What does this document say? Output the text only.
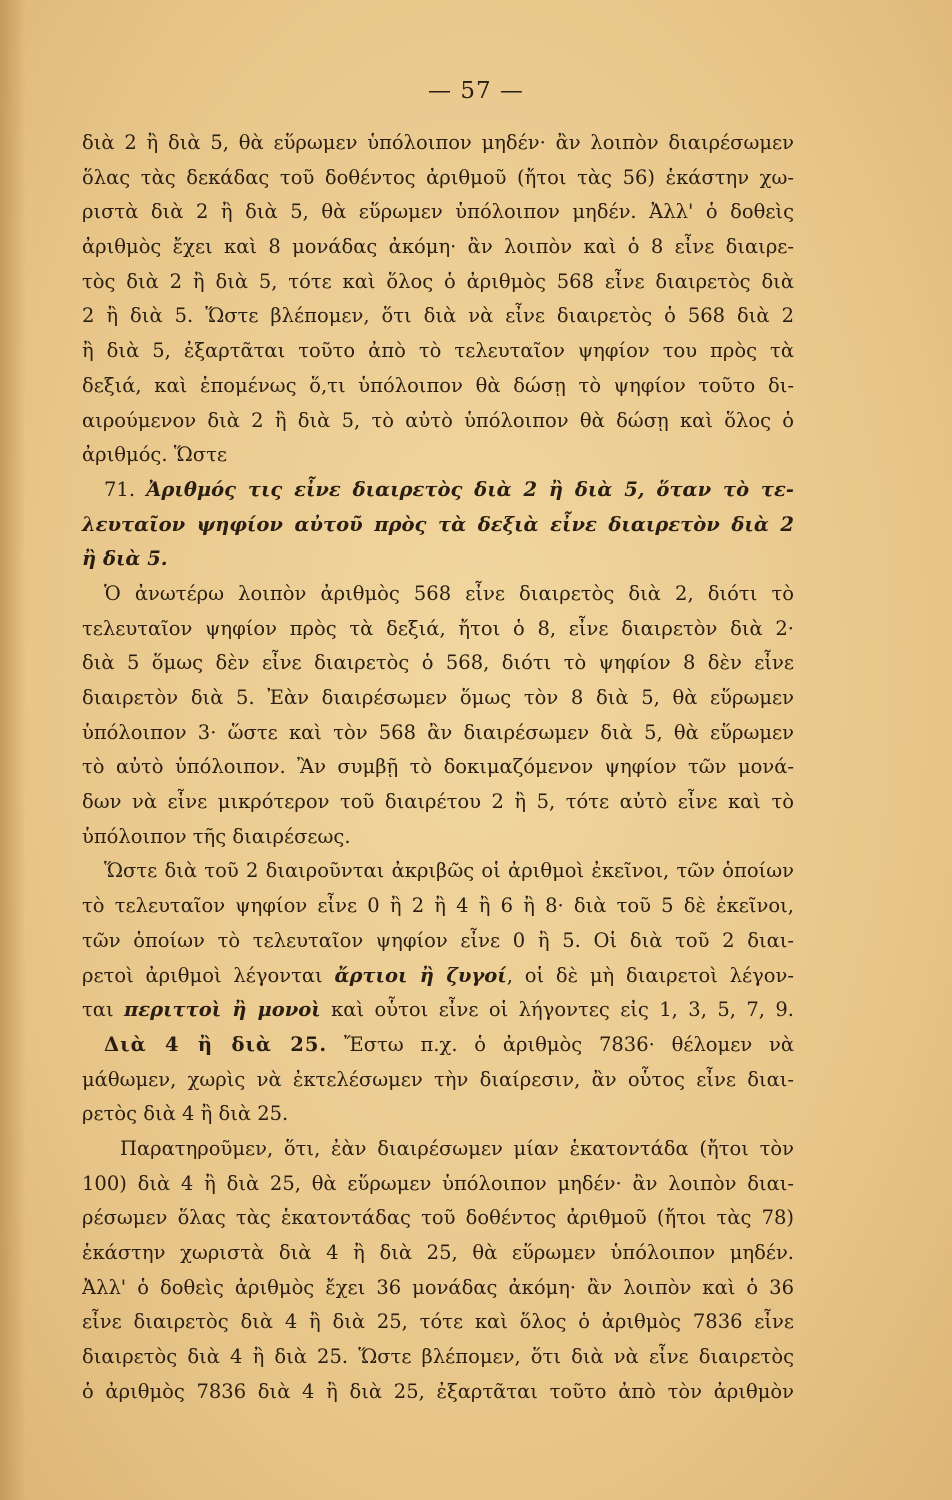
— 57 —
διὰ 2 ἢ διὰ 5, θὰ εὕρωμεν ὑπόλοιπον μηδέν· ἂν λοιπὸν διαιρέσωμεν
ὅλας τὰς δεκάδας τοῦ δοθέντος ἀριθμοῦ (ἤτοι τὰς 56) ἑκάστην χω-
ριστὰ διὰ 2 ἢ διὰ 5, θὰ εὕρωμεν ὑπόλοιπον μηδέν. Ἀλλ' ὁ δοθεὶς
ἀριθμὸς ἔχει καὶ 8 μονάδας ἀκόμη· ἂν λοιπὸν καὶ ὁ 8 εἶνε διαιρε-
τὸς διὰ 2 ἢ διὰ 5, τότε καὶ ὅλος ὁ ἀριθμὸς 568 εἶνε διαιρετὸς διὰ
2 ἢ διὰ 5. Ὥστε βλέπομεν, ὅτι διὰ νὰ εἶνε διαιρετὸς ὁ 568 διὰ 2
ἢ διὰ 5, ἐξαρτᾶται τοῦτο ἀπὸ τὸ τελευταῖον ψηφίον του πρὸς τὰ
δεξιά, καὶ ἑπομένως ὅ,τι ὑπόλοιπον θὰ δώσῃ τὸ ψηφίον τοῦτο δι-
αιρούμενον διὰ 2 ἢ διὰ 5, τὸ αὐτὸ ὑπόλοιπον θὰ δώσῃ καὶ ὅλος ὁ
ἀριθμός. Ὥστε
71. Ἀριθμός τις εἶνε διαιρετὸς διὰ 2 ἢ διὰ 5, ὅταν τὸ τε-
λευταῖον ψηφίον αὐτοῦ πρὸς τὰ δεξιὰ εἶνε διαιρετὸν διὰ 2
ἢ διὰ 5.
Ὁ ἀνωτέρω λοιπὸν ἀριθμὸς 568 εἶνε διαιρετὸς διὰ 2, διότι τὸ
τελευταῖον ψηφίον πρὸς τὰ δεξιά, ἤτοι ὁ 8, εἶνε διαιρετὸν διὰ 2·
διὰ 5 ὅμως δὲν εἶνε διαιρετὸς ὁ 568, διότι τὸ ψηφίον 8 δὲν εἶνε
διαιρετὸν διὰ 5. Ἐὰν διαιρέσωμεν ὅμως τὸν 8 διὰ 5, θὰ εὕρωμεν
ὑπόλοιπον 3· ὥστε καὶ τὸν 568 ἂν διαιρέσωμεν διὰ 5, θὰ εὕρωμεν
τὸ αὐτὸ ὑπόλοιπον. Ἂν συμβῇ τὸ δοκιμαζόμενον ψηφίον τῶν μονά-
δων νὰ εἶνε μικρότερον τοῦ διαιρέτου 2 ἢ 5, τότε αὐτὸ εἶνε καὶ τὸ
ὑπόλοιπον τῆς διαιρέσεως.
Ὥστε διὰ τοῦ 2 διαιροῦνται ἀκριβῶς οἱ ἀριθμοὶ ἐκεῖνοι, τῶν ὁποίων
τὸ τελευταῖον ψηφίον εἶνε 0 ἢ 2 ἢ 4 ἢ 6 ἢ 8· διὰ τοῦ 5 δὲ ἐκεῖνοι,
τῶν ὁποίων τὸ τελευταῖον ψηφίον εἶνε 0 ἢ 5. Οἱ διὰ τοῦ 2 διαι-
ρετοὶ ἀριθμοὶ λέγονται ἄρτιοι ἢ ζυγοί, οἱ δὲ μὴ διαιρετοὶ λέγον-
ται περιττοὶ ἢ μονοὶ καὶ οὗτοι εἶνε οἱ λήγοντες εἰς 1, 3, 5, 7, 9.
Διὰ 4 ἢ διὰ 25. Ἔστω π.χ. ὁ ἀριθμὸς 7836· θέλομεν νὰ
μάθωμεν, χωρὶς νὰ ἐκτελέσωμεν τὴν διαίρεσιν, ἂν οὗτος εἶνε διαι-
ρετὸς διὰ 4 ἢ διὰ 25.
Παρατηροῦμεν, ὅτι, ἐὰν διαιρέσωμεν μίαν ἑκατοντάδα (ἤτοι τὸν
100) διὰ 4 ἢ διὰ 25, θὰ εὕρωμεν ὑπόλοιπον μηδέν· ἂν λοιπὸν διαι-
ρέσωμεν ὅλας τὰς ἑκατοντάδας τοῦ δοθέντος ἀριθμοῦ (ἤτοι τὰς 78)
ἑκάστην χωριστὰ διὰ 4 ἢ διὰ 25, θὰ εὕρωμεν ὑπόλοιπον μηδέν.
Ἀλλ' ὁ δοθεὶς ἀριθμὸς ἔχει 36 μονάδας ἀκόμη· ἂν λοιπὸν καὶ ὁ 36
εἶνε διαιρετὸς διὰ 4 ἢ διὰ 25, τότε καὶ ὅλος ὁ ἀριθμὸς 7836 εἶνε
διαιρετὸς διὰ 4 ἢ διὰ 25. Ὥστε βλέπομεν, ὅτι διὰ νὰ εἶνε διαιρετὸς
ὁ ἀριθμὸς 7836 διὰ 4 ἢ διὰ 25, ἐξαρτᾶται τοῦτο ἀπὸ τὸν ἀριθμὸν
